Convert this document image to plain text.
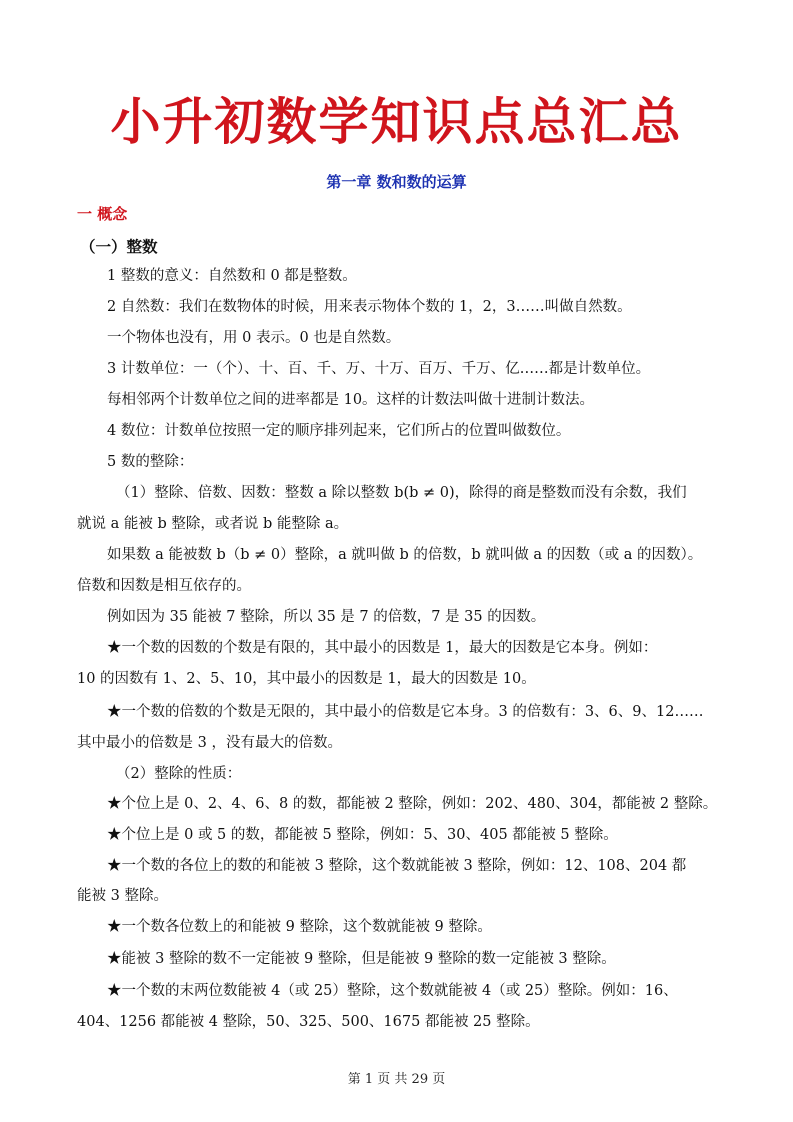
小升初数学知识点总汇总
第一章 数和数的运算
一 概念
（一）整数
1 整数的意义：自然数和 0 都是整数。
2 自然数：我们在数物体的时候，用来表示物体个数的 1，2，3……叫做自然数。
一个物体也没有，用 0 表示。0 也是自然数。
3 计数单位：一（个）、十、百、千、万、十万、百万、千万、亿……都是计数单位。
每相邻两个计数单位之间的进率都是 10。这样的计数法叫做十进制计数法。
4 数位：计数单位按照一定的顺序排列起来，它们所占的位置叫做数位。
5 数的整除：
（1）整除、倍数、因数：整数 a 除以整数 b(b ≠ 0)，除得的商是整数而没有余数，我们
就说 a 能被 b 整除，或者说 b 能整除 a。
如果数 a 能被数 b（b ≠ 0）整除，a 就叫做 b 的倍数，b 就叫做 a 的因数（或 a 的因数）。
倍数和因数是相互依存的。
例如因为 35 能被 7 整除，所以 35 是 7 的倍数，7 是 35 的因数。
★一个数的因数的个数是有限的，其中最小的因数是 1，最大的因数是它本身。例如：
10 的因数有 1、2、5、10，其中最小的因数是 1，最大的因数是 10。
★一个数的倍数的个数是无限的，其中最小的倍数是它本身。3 的倍数有：3、6、9、12……
其中最小的倍数是 3 ，没有最大的倍数。
（2）整除的性质：
★个位上是 0、2、4、6、8 的数，都能被 2 整除，例如：202、480、304，都能被 2 整除。
★个位上是 0 或 5 的数，都能被 5 整除，例如：5、30、405 都能被 5 整除。
★一个数的各位上的数的和能被 3 整除，这个数就能被 3 整除，例如：12、108、204 都
能被 3 整除。
★一个数各位数上的和能被 9 整除，这个数就能被 9 整除。
★能被 3 整除的数不一定能被 9 整除，但是能被 9 整除的数一定能被 3 整除。
★一个数的末两位数能被 4（或 25）整除，这个数就能被 4（或 25）整除。例如：16、
404、1256 都能被 4 整除，50、325、500、1675 都能被 25 整除。
第 1 页 共 29 页
